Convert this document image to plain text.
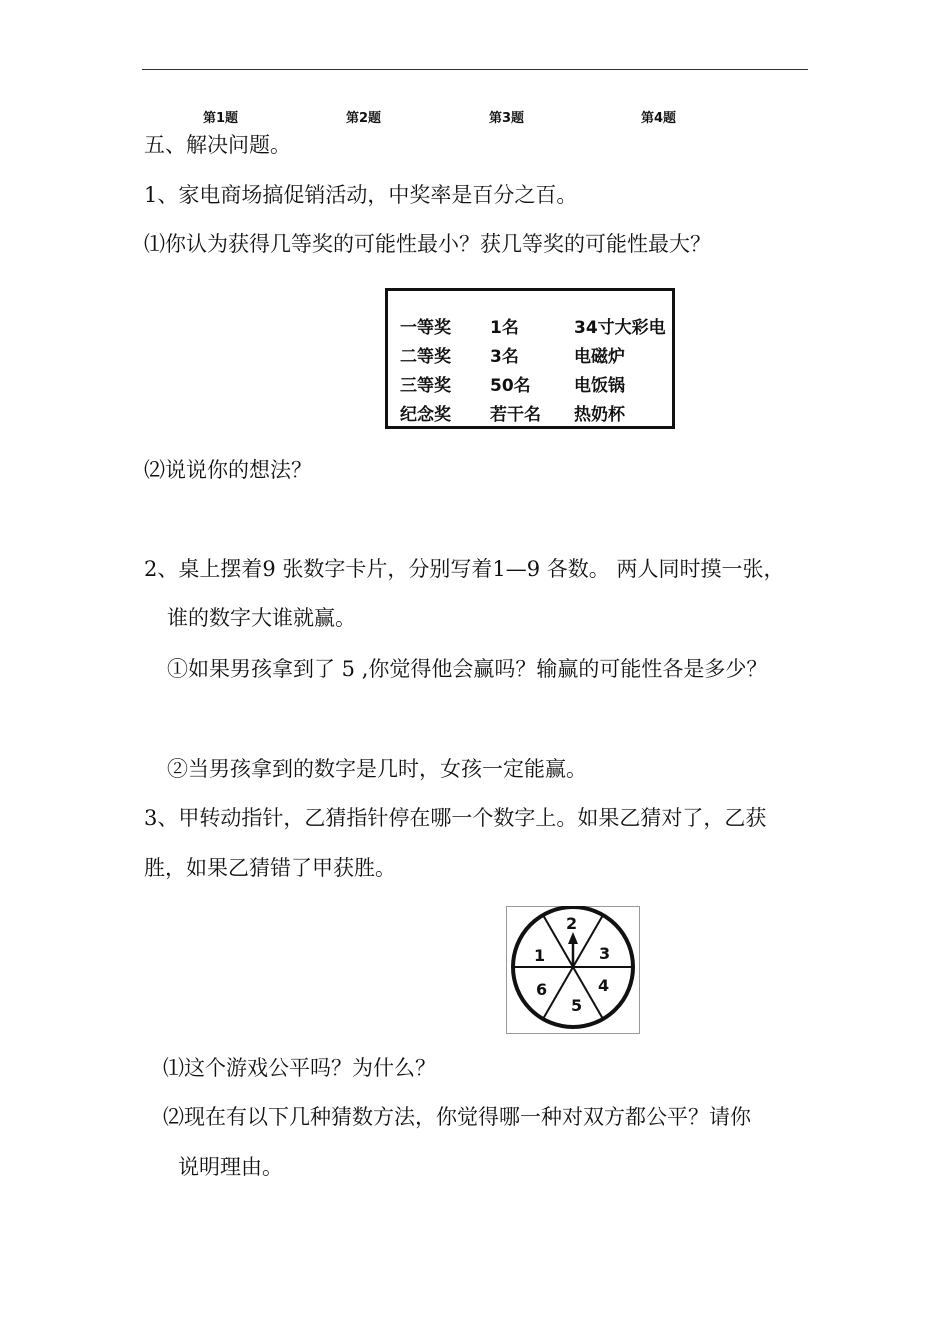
第1题	第2题	第3题	第4题
五、解决问题。
1、家电商场搞促销活动，中奖率是百分之百。
⑴你认为获得几等奖的可能性最小？获几等奖的可能性最大？
一等奖 1名	34寸大彩电
二等奖 3名	电磁炉
三等奖 50名	电饭锅
纪念奖 若干名 热奶杯
⑵说说你的想法？
2、桌上摆着9 张数字卡片，分别写着1—9 各数。 两人同时摸一张，
谁的数字大谁就赢。
①如果男孩拿到了 5 ,你觉得他会赢吗？输赢的可能性各是多少？
②当男孩拿到的数字是几时，女孩一定能赢。
3、甲转动指针，乙猜指针停在哪一个数字上。如果乙猜对了，乙获
胜，如果乙猜错了甲获胜。
1
2
3
4
5
6
⑴这个游戏公平吗？为什么？
⑵现在有以下几种猜数方法，你觉得哪一种对双方都公平？请你
说明理由。
